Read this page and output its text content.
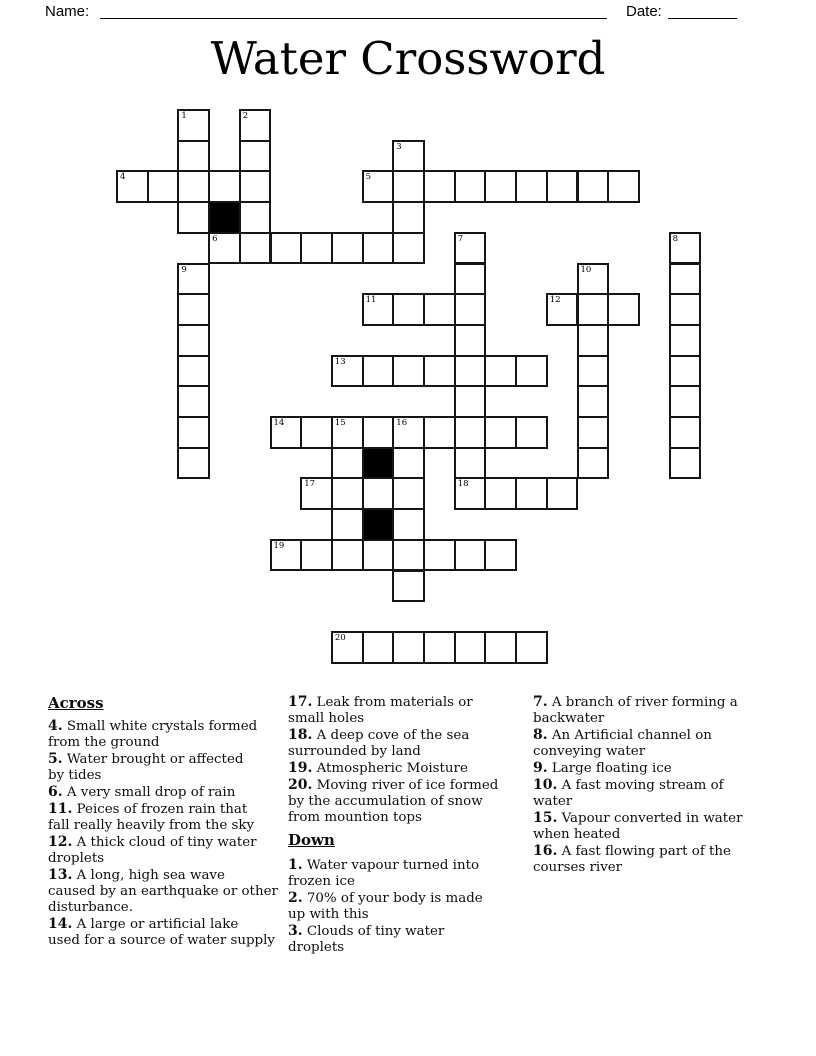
Name:	Date:
Water Crossword
4	5
6
11	12
13
14	15	16
17	18
19
20
1	2
3
7	8
9	10
Across

4. Small white crystals formed
from the ground

5. Water brought or affected
by tides

6. A very small drop of rain

11. Peices of frozen rain that
fall really heavily from the sky

12. A thick cloud of tiny water
droplets

13. A long, high sea wave
caused by an earthquake or other
disturbance.

14. A large or artificial lake
used for a source of water supply

17. Leak from materials or
small holes

18. A deep cove of the sea
surrounded by land

19. Atmospheric Moisture

20. Moving river of ice formed
by the accumulation of snow
from mountion tops

Down

1. Water vapour turned into
frozen ice

2. 70% of your body is made
up with this

3. Clouds of tiny water
droplets

7. A branch of river forming a
backwater

8. An Artificial channel on
conveying water

9. Large floating ice

10. A fast moving stream of
water

15. Vapour converted in water
when heated

16. A fast flowing part of the
courses river
